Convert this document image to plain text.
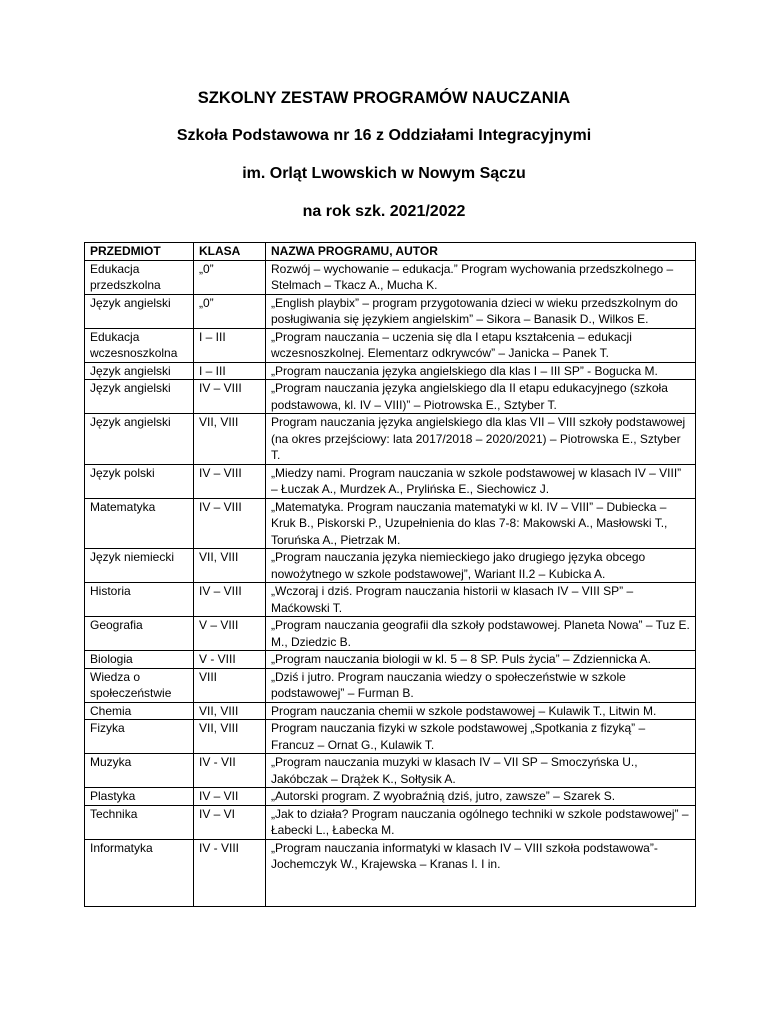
SZKOLNY ZESTAW PROGRAMÓW NAUCZANIA

Szkoła Podstawowa nr 16 z Oddziałami Integracyjnymi

im. Orląt Lwowskich w Nowym Sączu

na rok szk. 2021/2022

PRZEDMIOT	KLASA	NAZWA PROGRAMU, AUTOR
Edukacja przedszkolna	„0”	Rozwój – wychowanie – edukacja.” Program wychowania przedszkolnego –Stelmach – Tkacz A., Mucha K.
Język angielski	„0”	„English playbix” – program przygotowania dzieci w wieku przedszkolnym do posługiwania się językiem angielskim” – Sikora – Banasik D., Wilkos E.
Edukacja wczesnoszkolna	I – III	„Program nauczania – uczenia się dla I etapu kształcenia – edukacji wczesnoszkolnej. Elementarz odkrywców” – Janicka – Panek T.
Język angielski	I – III	„Program nauczania języka angielskiego dla klas I – III SP” - Bogucka M.
Język angielski	IV – VIII	„Program nauczania języka angielskiego dla II etapu edukacyjnego (szkoła podstawowa, kl. IV – VIII)” – Piotrowska E., Sztyber T.
Język angielski	VII, VIII	Program nauczania języka angielskiego dla klas VII – VIII szkoły podstawowej (na okres przejściowy: lata 2017/2018 – 2020/2021) – Piotrowska E., Sztyber T.
Język polski	IV – VIII	„Miedzy nami. Program nauczania w szkole podstawowej w klasach IV – VIII” – Łuczak A., Murdzek A., Prylińska E., Siechowicz J.
Matematyka	IV – VIII	„Matematyka. Program nauczania matematyki w kl. IV – VIII” – Dubiecka – Kruk B., Piskorski P., Uzupełnienia do klas 7-8: Makowski A., Masłowski T., Toruńska A., Pietrzak M.
Język niemiecki	VII, VIII	„Program nauczania języka niemieckiego jako drugiego języka obcego nowożytnego w szkole podstawowej”, Wariant II.2 – Kubicka A.
Historia	IV – VIII	„Wczoraj i dziś. Program nauczania historii w klasach IV – VIII SP” – Maćkowski T.
Geografia	V – VIII	„Program nauczania geografii dla szkoły podstawowej. Planeta Nowa” – Tuz E. M., Dziedzic B.
Biologia	V - VIII	„Program nauczania biologii w kl. 5 – 8 SP. Puls życia” – Zdziennicka A.
Wiedza o społeczeństwie	VIII	„Dziś i jutro. Program nauczania wiedzy o społeczeństwie w szkole podstawowej” – Furman B.
Chemia	VII, VIII	Program nauczania chemii w szkole podstawowej – Kulawik T., Litwin M.
Fizyka	VII, VIII	Program nauczania fizyki w szkole podstawowej „Spotkania z fizyką” – Francuz – Ornat G., Kulawik T.
Muzyka	IV - VII	„Program nauczania muzyki w klasach IV – VII SP – Smoczyńska U., Jakóbczak – Drążek K., Sołtysik A.
Plastyka	IV – VII	„Autorski program. Z wyobraźnią dziś, jutro, zawsze” – Szarek S.
Technika	IV – VI	„Jak to działa? Program nauczania ogólnego techniki w szkole podstawowej” – Łabecki L., Łabecka M.
Informatyka	IV - VIII	„Program nauczania informatyki w klasach IV – VIII szkoła podstawowa”- Jochemczyk W., Krajewska – Kranas I. I in.
